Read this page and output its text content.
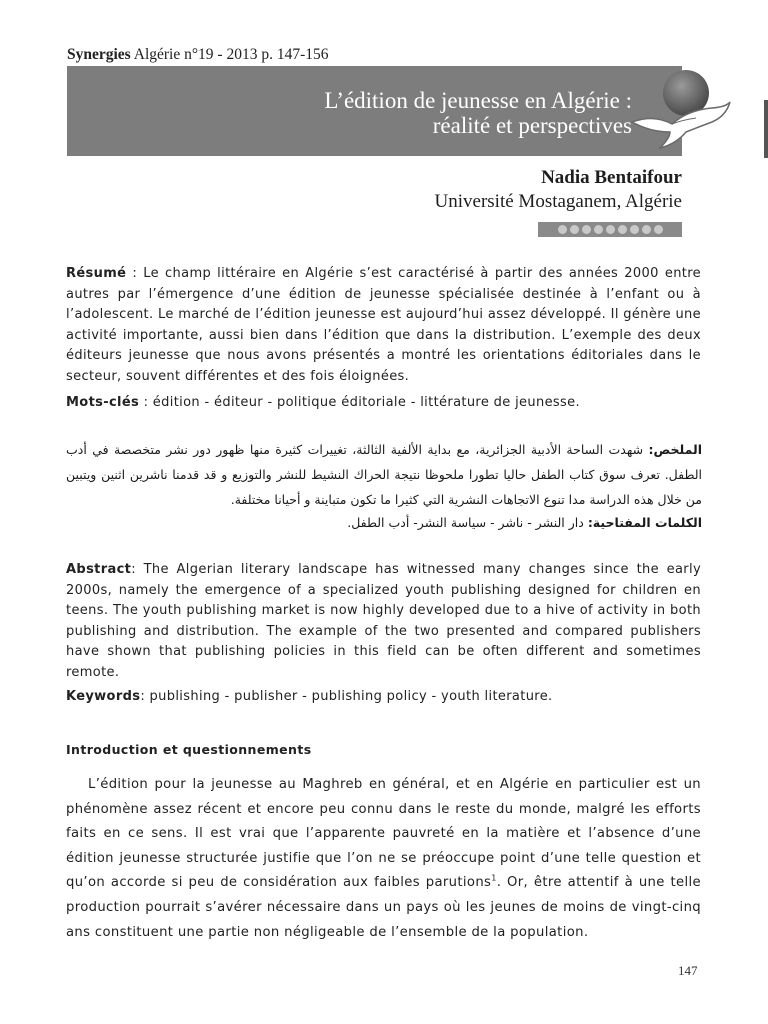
Synergies Algérie n°19 - 2013 p. 147-156
L’édition de jeunesse en Algérie :
réalité et perspectives
Nadia Bentaifour
Université Mostaganem, Algérie

Résumé : Le champ littéraire en Algérie s’est caractérisé à partir des années 2000 entre autres par l’émergence d’une édition de jeunesse spécialisée destinée à l’enfant ou à l’adolescent. Le marché de l’édition jeunesse est aujourd’hui assez développé. Il génère une activité importante, aussi bien dans l’édition que dans la distribution. L’exemple des deux éditeurs jeunesse que nous avons présentés a montré les orientations éditoriales dans le secteur, souvent différentes et des fois éloignées.

Mots-clés : édition - éditeur - politique éditoriale - littérature de jeunesse.

الملخص: شهدت الساحة الأدبية الجزائرية، مع بداية الألفية الثالثة، تغييرات كثيرة منها ظهور دور نشر متخصصة في أدب الطفل. تعرف سوق كتاب الطفل حاليا تطورا ملحوظا نتيجة الحراك النشيط للنشر والتوزيع و قد قدمنا ناشرين اثنين ويتبين من خلال هذه الدراسة مدا تنوع الاتجاهات النشرية التي كثيرا ما تكون متباينة و أحيانا مختلفة.

الكلمات المفتاحية: دار النشر - ناشر - سياسة النشر- أدب الطفل.

Abstract: The Algerian literary landscape has witnessed many changes since the early 2000s, namely the emergence of a specialized youth publishing designed for children en teens. The youth publishing market is now highly developed due to a hive of activity in both publishing and distribution. The example of the two presented and compared publishers have shown that publishing policies in this field can be often different and sometimes remote.

Keywords: publishing - publisher - publishing policy - youth literature.

Introduction et questionnements

L’édition pour la jeunesse au Maghreb en général, et en Algérie en particulier est un phénomène assez récent et encore peu connu dans le reste du monde, malgré les efforts faits en ce sens. Il est vrai que l’apparente pauvreté en la matière et l’absence d’une édition jeunesse structurée justifie que l’on ne se préoccupe point d’une telle question et qu’on accorde si peu de considération aux faibles parutions$^1$. Or, être attentif à une telle production pourrait s’avérer nécessaire dans un pays où les jeunes de moins de vingt-cinq ans constituent une partie non négligeable de l’ensemble de la population.

147
